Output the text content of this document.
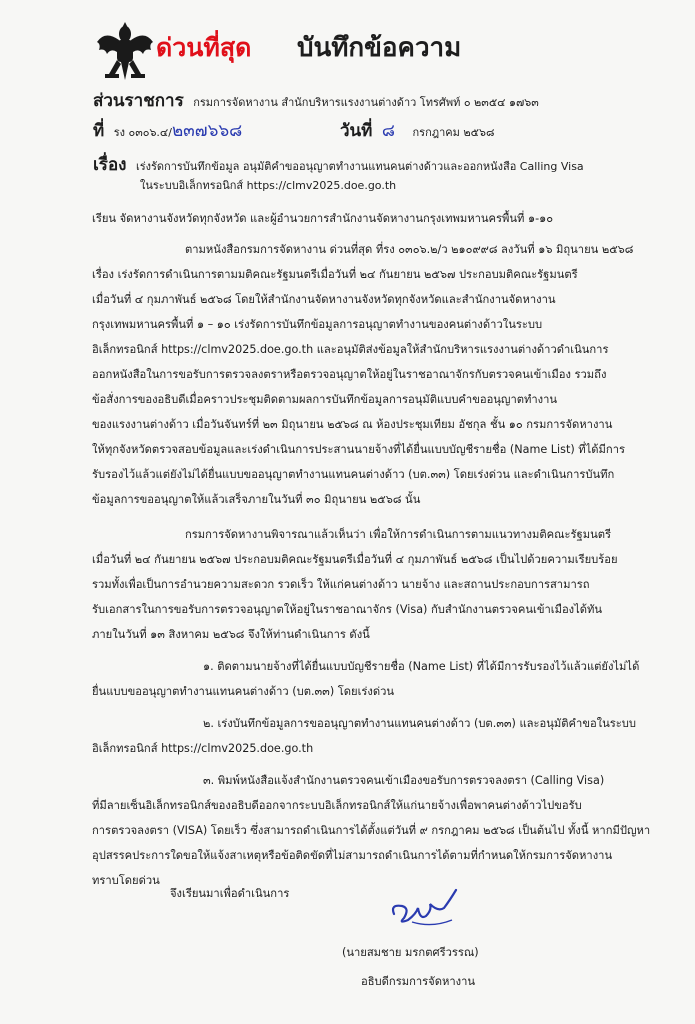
ด่วนที่สุด บันทึกข้อความ
ส่วนราชการ กรมการจัดหางาน สำนักบริหารแรงงานต่างด้าว โทรศัพท์ ๐ ๒๓๕๔ ๑๗๖๓
ที่ รง ๐๓๐๖.๔/๒๓๗๖๖๘	วันที่ ๘ กรกฎาคม ๒๕๖๘
เรื่อง เร่งรัดการบันทึกข้อมูล อนุมัติคำขออนุญาตทำงานแทนคนต่างด้าวและออกหนังสือ Calling Visa
ในระบบอิเล็กทรอนิกส์ https://clmv2025.doe.go.th
เรียน จัดหางานจังหวัดทุกจังหวัด และผู้อำนวยการสำนักงานจัดหางานกรุงเทพมหานครพื้นที่ ๑-๑๐
ตามหนังสือกรมการจัดหางาน ด่วนที่สุด ที่รง ๐๓๐๖.๒/ว ๒๑๐๙๙๘ ลงวันที่ ๑๖ มิถุนายน ๒๕๖๘
เรื่อง เร่งรัดการดำเนินการตามมติคณะรัฐมนตรีเมื่อวันที่ ๒๔ กันยายน ๒๕๖๗ ประกอบมติคณะรัฐมนตรี
เมื่อวันที่ ๔ กุมภาพันธ์ ๒๕๖๘ โดยให้สำนักงานจัดหางานจังหวัดทุกจังหวัดและสำนักงานจัดหางาน
กรุงเทพมหานครพื้นที่ ๑ – ๑๐ เร่งรัดการบันทึกข้อมูลการอนุญาตทำงานของคนต่างด้าวในระบบ
อิเล็กทรอนิกส์ https://clmv2025.doe.go.th และอนุมัติส่งข้อมูลให้สำนักบริหารแรงงานต่างด้าวดำเนินการ
ออกหนังสือในการขอรับการตรวจลงตราหรือตรวจอนุญาตให้อยู่ในราชอาณาจักรกับตรวจคนเข้าเมือง รวมถึง
ข้อสั่งการของอธิบดีเมื่อคราวประชุมติดตามผลการบันทึกข้อมูลการอนุมัติแบบคำขออนุญาตทำงาน
ของแรงงานต่างด้าว เมื่อวันจันทร์ที่ ๒๓ มิถุนายน ๒๕๖๘ ณ ห้องประชุมเทียม อัชกุล ชั้น ๑๐ กรมการจัดหางาน
ให้ทุกจังหวัดตรวจสอบข้อมูลและเร่งดำเนินการประสานนายจ้างที่ได้ยื่นแบบบัญชีรายชื่อ (Name List) ที่ได้มีการ
รับรองไว้แล้วแต่ยังไม่ได้ยื่นแบบขออนุญาตทำงานแทนคนต่างด้าว (บต.๓๓) โดยเร่งด่วน และดำเนินการบันทึก
ข้อมูลการขออนุญาตให้แล้วเสร็จภายในวันที่ ๓๐ มิถุนายน ๒๕๖๘ นั้น
กรมการจัดหางานพิจารณาแล้วเห็นว่า เพื่อให้การดำเนินการตามแนวทางมติคณะรัฐมนตรี
เมื่อวันที่ ๒๔ กันยายน ๒๕๖๗ ประกอบมติคณะรัฐมนตรีเมื่อวันที่ ๔ กุมภาพันธ์ ๒๕๖๘ เป็นไปด้วยความเรียบร้อย
รวมทั้งเพื่อเป็นการอำนวยความสะดวก รวดเร็ว ให้แก่คนต่างด้าว นายจ้าง และสถานประกอบการสามารถ
รับเอกสารในการขอรับการตรวจอนุญาตให้อยู่ในราชอาณาจักร (Visa) กับสำนักงานตรวจคนเข้าเมืองได้ทัน
ภายในวันที่ ๑๓ สิงหาคม ๒๕๖๘ จึงให้ท่านดำเนินการ ดังนี้
๑. ติดตามนายจ้างที่ได้ยื่นแบบบัญชีรายชื่อ (Name List) ที่ได้มีการรับรองไว้แล้วแต่ยังไม่ได้
ยื่นแบบขออนุญาตทำงานแทนคนต่างด้าว (บต.๓๓) โดยเร่งด่วน
๒. เร่งบันทึกข้อมูลการขออนุญาตทำงานแทนคนต่างด้าว (บต.๓๓) และอนุมัติคำขอในระบบ
อิเล็กทรอนิกส์ https://clmv2025.doe.go.th
๓. พิมพ์หนังสือแจ้งสำนักงานตรวจคนเข้าเมืองขอรับการตรวจลงตรา (Calling Visa)
ที่มีลายเซ็นอิเล็กทรอนิกส์ของอธิบดีออกจากระบบอิเล็กทรอนิกส์ให้แก่นายจ้างเพื่อพาคนต่างด้าวไปขอรับ
การตรวจลงตรา (VISA) โดยเร็ว ซึ่งสามารถดำเนินการได้ตั้งแต่วันที่ ๙ กรกฎาคม ๒๕๖๘ เป็นต้นไป ทั้งนี้ หากมีปัญหา
อุปสรรคประการใดขอให้แจ้งสาเหตุหรือข้อติดขัดที่ไม่สามารถดำเนินการได้ตามที่กำหนดให้กรมการจัดหางาน
ทราบโดยด่วน
จึงเรียนมาเพื่อดำเนินการ
(นายสมชาย มรกตศรีวรรณ)
อธิบดีกรมการจัดหางาน
